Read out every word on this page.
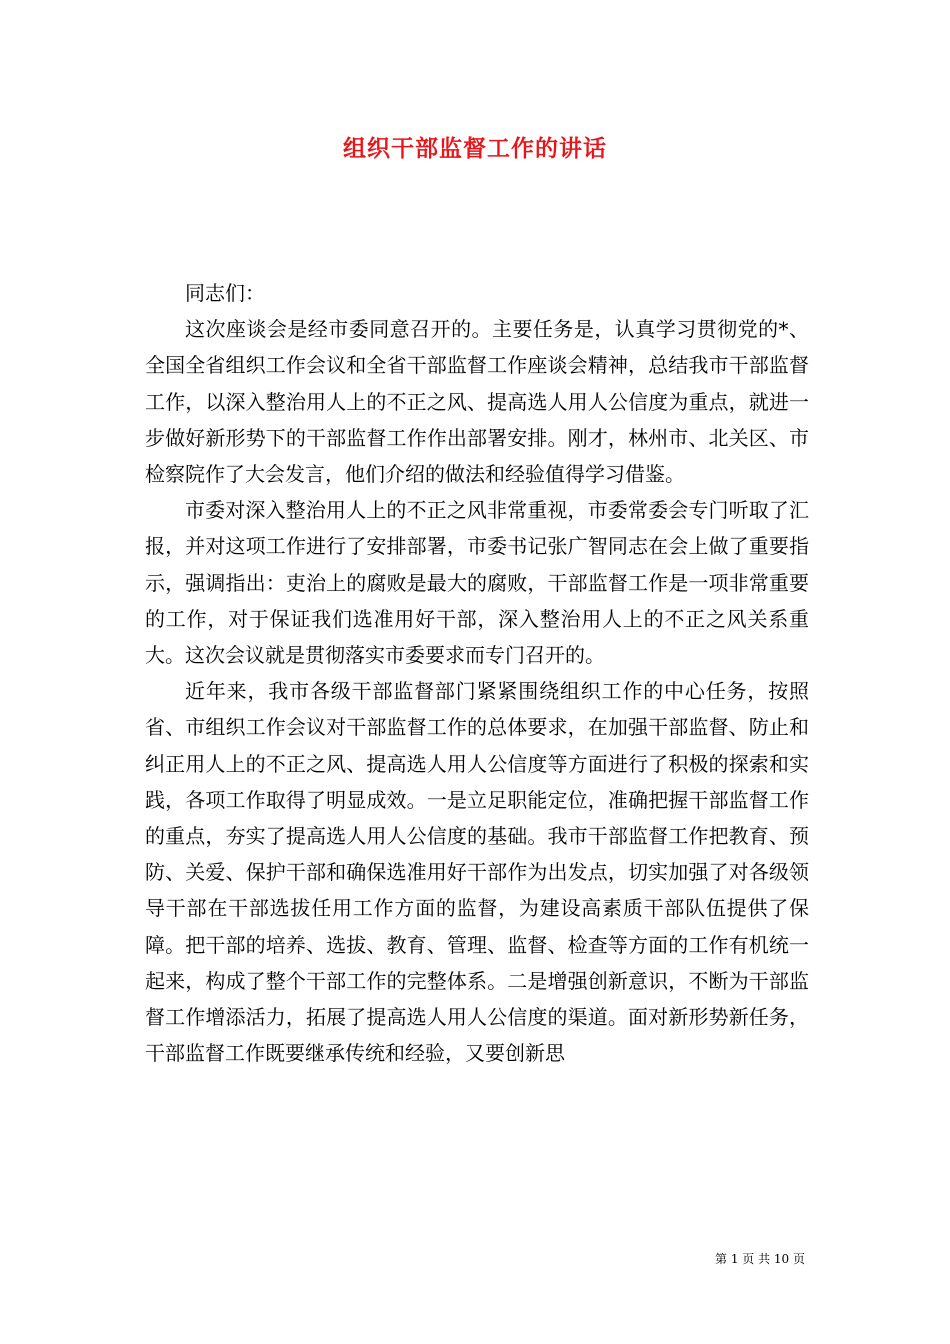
组织干部监督工作的讲话

同志们：

这次座谈会是经市委同意召开的。主要任务是，认真学习贯彻党的*、全国全省组织工作会议和全省干部监督工作座谈会精神，总结我市干部监督工作，以深入整治用人上的不正之风、提高选人用人公信度为重点，就进一步做好新形势下的干部监督工作作出部署安排。刚才，林州市、北关区、市检察院作了大会发言，他们介绍的做法和经验值得学习借鉴。

市委对深入整治用人上的不正之风非常重视，市委常委会专门听取了汇报，并对这项工作进行了安排部署，市委书记张广智同志在会上做了重要指示，强调指出：吏治上的腐败是最大的腐败，干部监督工作是一项非常重要的工作，对于保证我们选准用好干部，深入整治用人上的不正之风关系重大。这次会议就是贯彻落实市委要求而专门召开的。

近年来，我市各级干部监督部门紧紧围绕组织工作的中心任务，按照省、市组织工作会议对干部监督工作的总体要求，在加强干部监督、防止和纠正用人上的不正之风、提高选人用人公信度等方面进行了积极的探索和实践，各项工作取得了明显成效。一是立足职能定位，准确把握干部监督工作的重点，夯实了提高选人用人公信度的基础。我市干部监督工作把教育、预防、关爱、保护干部和确保选准用好干部作为出发点，切实加强了对各级领导干部在干部选拔任用工作方面的监督，为建设高素质干部队伍提供了保障。把干部的培养、选拔、教育、管理、监督、检查等方面的工作有机统一起来，构成了整个干部工作的完整体系。二是增强创新意识，不断为干部监督工作增添活力，拓展了提高选人用人公信度的渠道。面对新形势新任务，干部监督工作既要继承传统和经验，又要创新思

第 1 页 共 10 页
